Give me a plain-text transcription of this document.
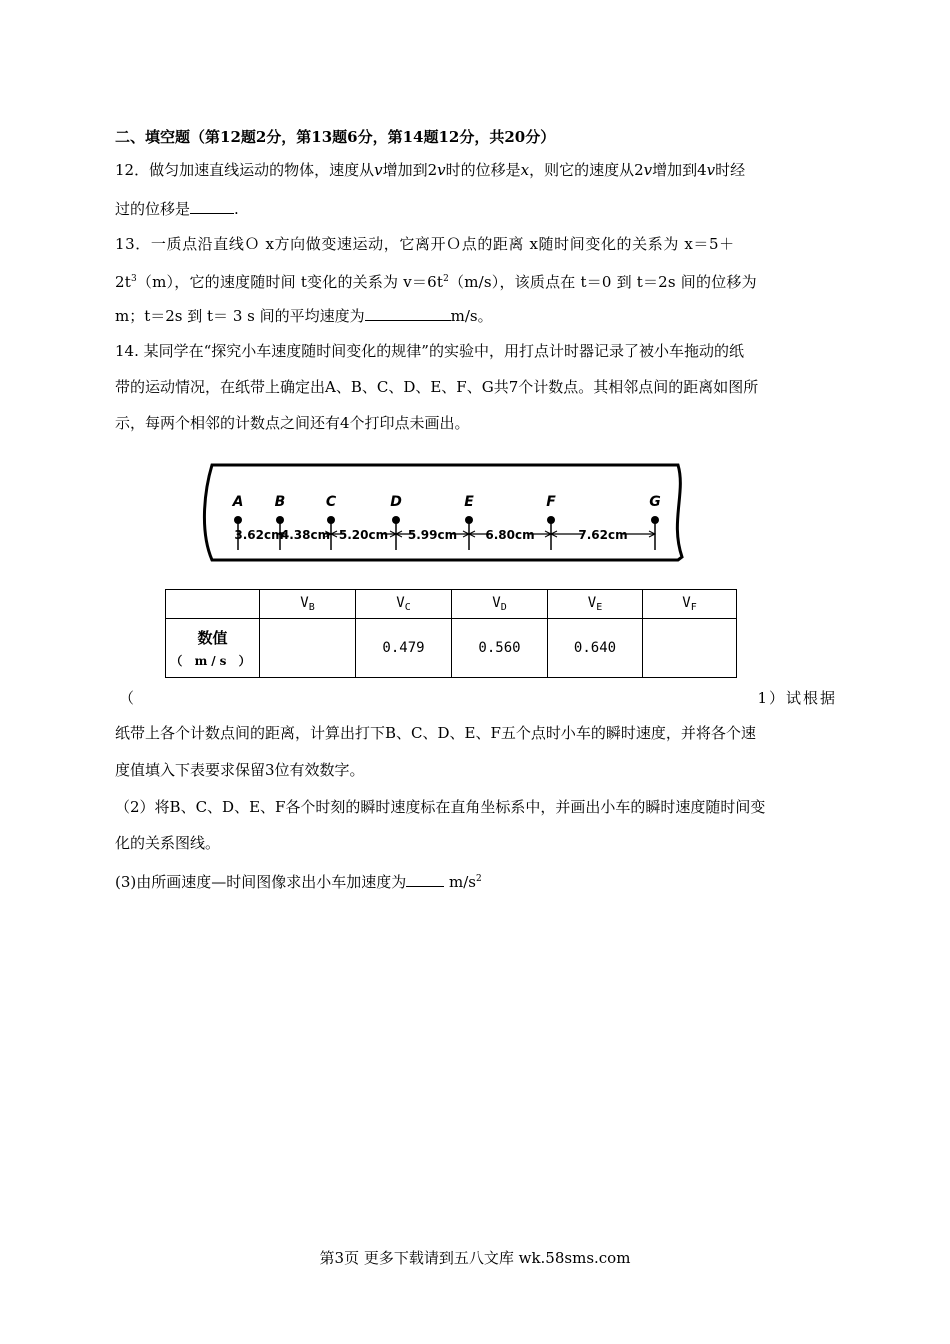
二、填空题（第12题2分，第13题6分，第14题12分，共20分）
12．做匀加速直线运动的物体，速度从v增加到2v时的位移是x，则它的速度从2v增加到4v时经
过的位移是	.
13．一质点沿直线Ｏ x方向做变速运动，它离开Ｏ点的距离 x随时间变化的关系为 x＝5＋
$2t^3(m)$，它的速度随时间 t变化的关系为 $v=6t^2(m/s)$，该质点在 t＝0 到 t＝2s 间的位移为
m；t＝2s 到 t＝ 3 s 间的平均速度为	m/s。
14. 某同学在“探究小车速度随时间变化的规律”的实验中，用打点计时器记录了被小车拖动的纸
带的运动情况，在纸带上确定出A、B、C、D、E、F、G共7个计数点。其相邻点间的距离如图所
示，每两个相邻的计数点之间还有4个打印点未画出。
A B	C	D	E	F	G
3.62cm
4.38cm 5.20cm 5.99cm 6.80cm	7.62cm
	$V_B$	$V_C$	$V_D$	$V_E$	$V_F$

数值
（ m/s ）		0.479	0.560	0.640	
（	1）试根据
纸带上各个计数点间的距离，计算出打下B、C、D、E、F五个点时小车的瞬时速度，并将各个速
度值填入下表要求保留3位有效数字。
（2）将B、C、D、E、F各个时刻的瞬时速度标在直角坐标系中，并画出小车的瞬时速度随时间变
化的关系图线。
(3)由所画速度—时间图像求出小车加速度为	$m/s^2$
第3页 更多下载请到五八文库 wk.58sms.com
